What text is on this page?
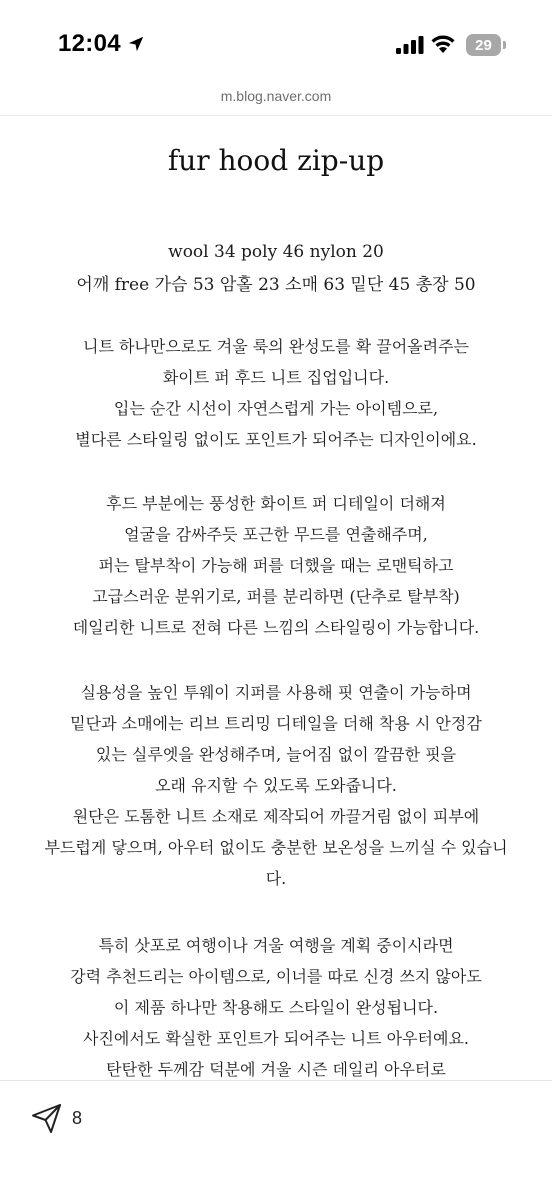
12:04	29
m.blog.naver.com
fur hood zip-up
wool 34 poly 46 nylon 20
어깨 free 가슴 53 암홀 23 소매 63 밑단 45 총장 50
니트 하나만으로도 겨울 룩의 완성도를 확 끌어올려주는
화이트 퍼 후드 니트 집업입니다.
입는 순간 시선이 자연스럽게 가는 아이템으로,
별다른 스타일링 없이도 포인트가 되어주는 디자인이에요.
후드 부분에는 풍성한 화이트 퍼 디테일이 더해져
얼굴을 감싸주듯 포근한 무드를 연출해주며,
퍼는 탈부착이 가능해 퍼를 더했을 때는 로맨틱하고
고급스러운 분위기로, 퍼를 분리하면 (단추로 탈부착)
데일리한 니트로 전혀 다른 느낌의 스타일링이 가능합니다.
실용성을 높인 투웨이 지퍼를 사용해 핏 연출이 가능하며
밑단과 소매에는 리브 트리밍 디테일을 더해 착용 시 안정감
있는 실루엣을 완성해주며, 늘어짐 없이 깔끔한 핏을
오래 유지할 수 있도록 도와줍니다.
원단은 도톰한 니트 소재로 제작되어 까끌거림 없이 피부에
부드럽게 닿으며, 아우터 없이도 충분한 보온성을 느끼실 수 있습니
다.
특히 삿포로 여행이나 겨울 여행을 계획 중이시라면
강력 추천드리는 아이템으로, 이너를 따로 신경 쓰지 않아도
이 제품 하나만 착용해도 스타일이 완성됩니다.
사진에서도 확실한 포인트가 되어주는 니트 아우터예요.
탄탄한 두께감 덕분에 겨울 시즌 데일리 아우터로
8
